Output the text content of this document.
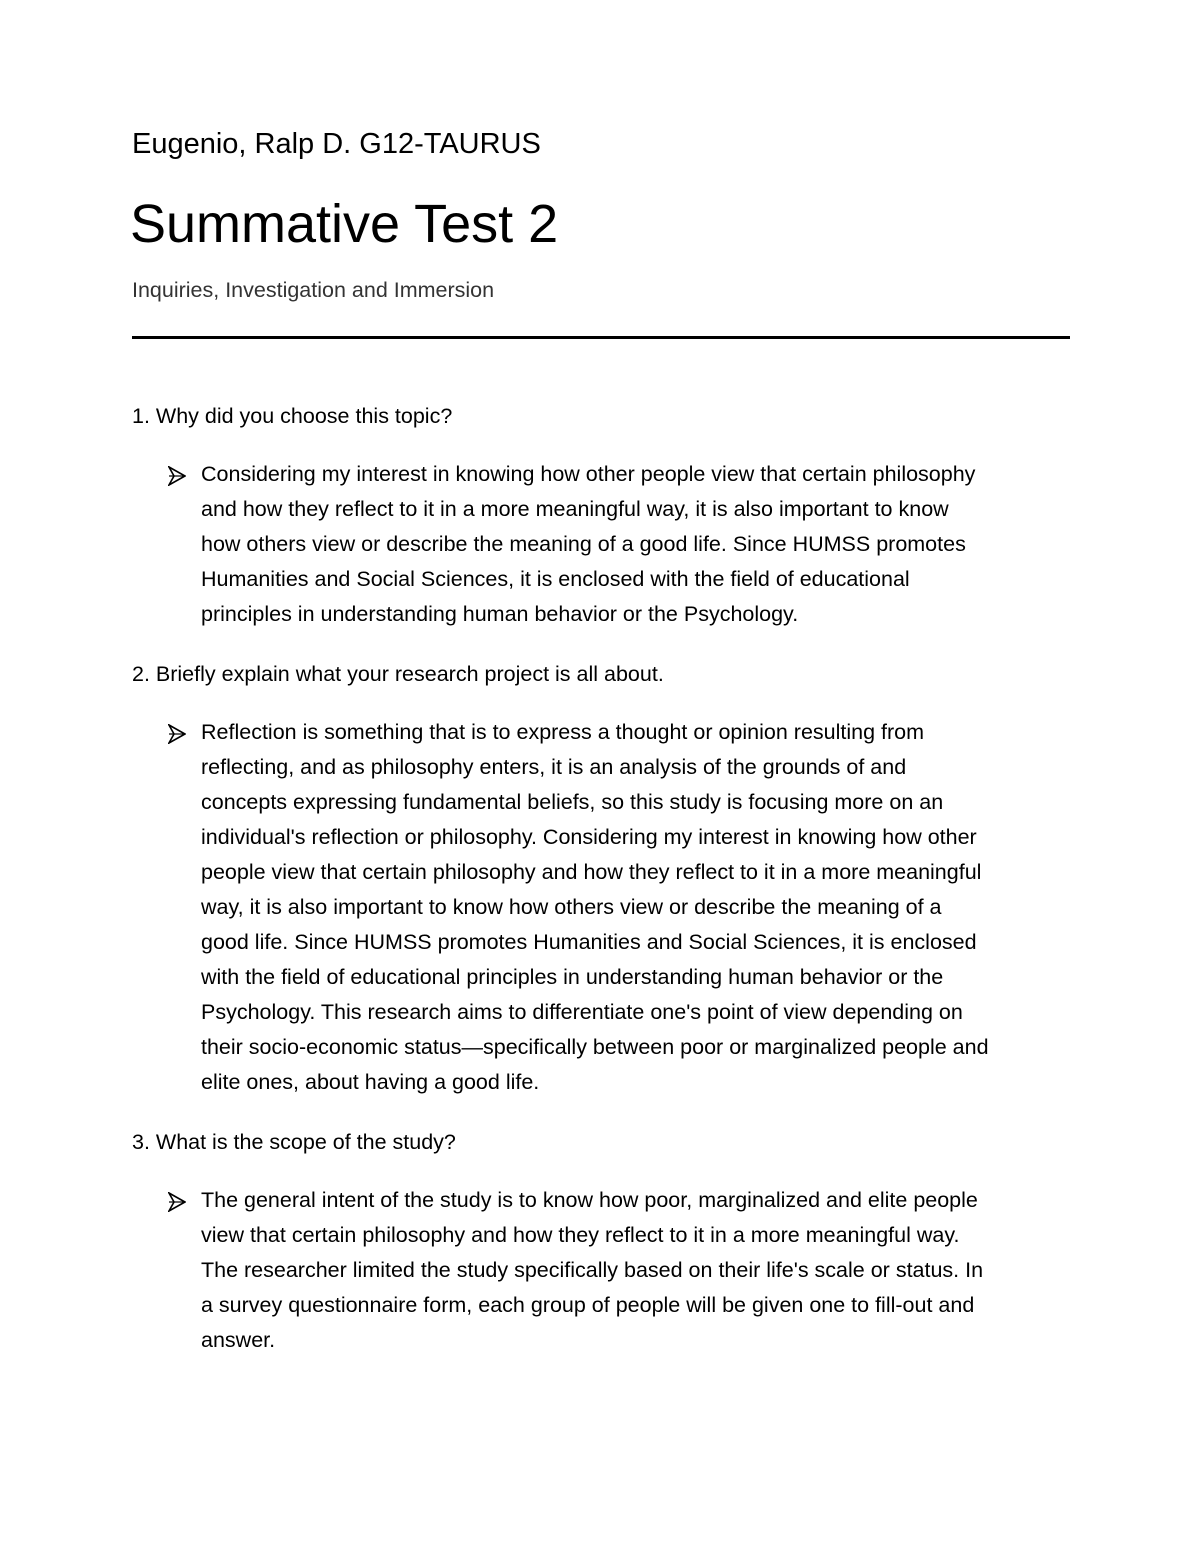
Eugenio, Ralp D. G12-TAURUS
Summative Test 2
Inquiries, Investigation and Immersion
1. Why did you choose this topic?
Considering my interest in knowing how other people view that certain philosophy
and how they reflect to it in a more meaningful way, it is also important to know
how others view or describe the meaning of a good life. Since HUMSS promotes
Humanities and Social Sciences, it is enclosed with the field of educational
principles in understanding human behavior or the Psychology.
2. Briefly explain what your research project is all about.
Reflection is something that is to express a thought or opinion resulting from
reflecting, and as philosophy enters, it is an analysis of the grounds of and
concepts expressing fundamental beliefs, so this study is focusing more on an
individual's reflection or philosophy. Considering my interest in knowing how other
people view that certain philosophy and how they reflect to it in a more meaningful
way, it is also important to know how others view or describe the meaning of a
good life. Since HUMSS promotes Humanities and Social Sciences, it is enclosed
with the field of educational principles in understanding human behavior or the
Psychology. This research aims to differentiate one's point of view depending on
their socio-economic status—specifically between poor or marginalized people and
elite ones, about having a good life.
3. What is the scope of the study?
The general intent of the study is to know how poor, marginalized and elite people
view that certain philosophy and how they reflect to it in a more meaningful way.
The researcher limited the study specifically based on their life's scale or status. In
a survey questionnaire form, each group of people will be given one to fill-out and
answer.
